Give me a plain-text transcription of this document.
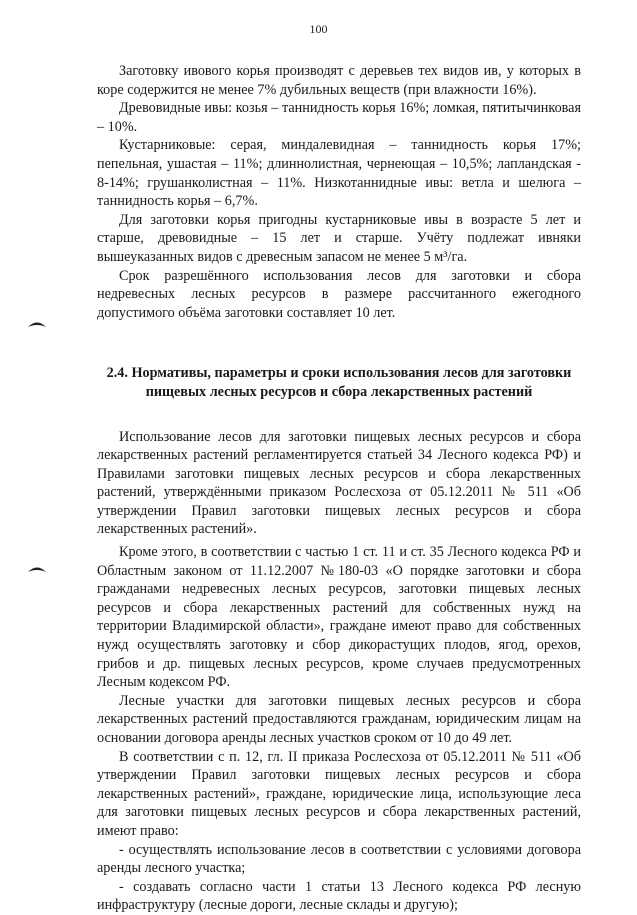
100

Заготовку ивового корья производят с деревьев тех видов ив, у которых в коре содержится не менее 7% дубильных веществ (при влажности 16%).

Древовидные ивы: козья – таннидность корья 16%; ломкая, пятитычинковая – 10%.

Кустарниковые: серая, миндалевидная – таннидность корья 17%; пепельная, ушастая – 11%; длиннолистная, чернеющая – 10,5%; лапландская - 8-14%; грушанколистная – 11%. Низкотаннидные ивы: ветла и шелюга – таннидность корья – 6,7%.

Для заготовки корья пригодны кустарниковые ивы в возрасте 5 лет и старше, древовидные – 15 лет и старше. Учёту подлежат ивняки вышеуказанных видов с древесным запасом не менее 5 м³/га.

Срок разрешённого использования лесов для заготовки и сбора недревесных лесных ресурсов в размере рассчитанного ежегодного допустимого объёма заготовки составляет 10 лет.

2.4. Нормативы, параметры и сроки использования лесов для заготовки пищевых лесных ресурсов и сбора лекарственных растений

Использование лесов для заготовки пищевых лесных ресурсов и сбора лекарственных растений регламентируется статьей 34 Лесного кодекса РФ) и Правилами заготовки пищевых лесных ресурсов и сбора лекарственных растений, утверждёнными приказом Рослесхоза от 05.12.2011 № 511 «Об утверждении Правил заготовки пищевых лесных ресурсов и сбора лекарственных растений».

Кроме этого, в соответствии с частью 1 ст. 11 и ст. 35 Лесного кодекса РФ и Областным законом от 11.12.2007 №180-03 «О порядке заготовки и сбора гражданами недревесных лесных ресурсов, заготовки пищевых лесных ресурсов и сбора лекарственных растений для собственных нужд на территории Владимирской области», граждане имеют право для собственных нужд осуществлять заготовку и сбор дикорастущих плодов, ягод, орехов, грибов и др. пищевых лесных ресурсов, кроме случаев предусмотренных Лесным кодексом РФ.

Лесные участки для заготовки пищевых лесных ресурсов и сбора лекарственных растений предоставляются гражданам, юридическим лицам на основании договора аренды лесных участков сроком от 10 до 49 лет.

В соответствии с п. 12, гл. II приказа Рослесхоза от 05.12.2011 № 511 «Об утверждении Правил заготовки пищевых лесных ресурсов и сбора лекарственных растений», граждане, юридические лица, использующие леса для заготовки пищевых лесных ресурсов и сбора лекарственных растений, имеют право:

- осуществлять использование лесов в соответствии с условиями договора аренды лесного участка;

- создавать согласно части 1 статьи 13 Лесного кодекса РФ лесную инфраструктуру (лесные дороги, лесные склады и другую);
